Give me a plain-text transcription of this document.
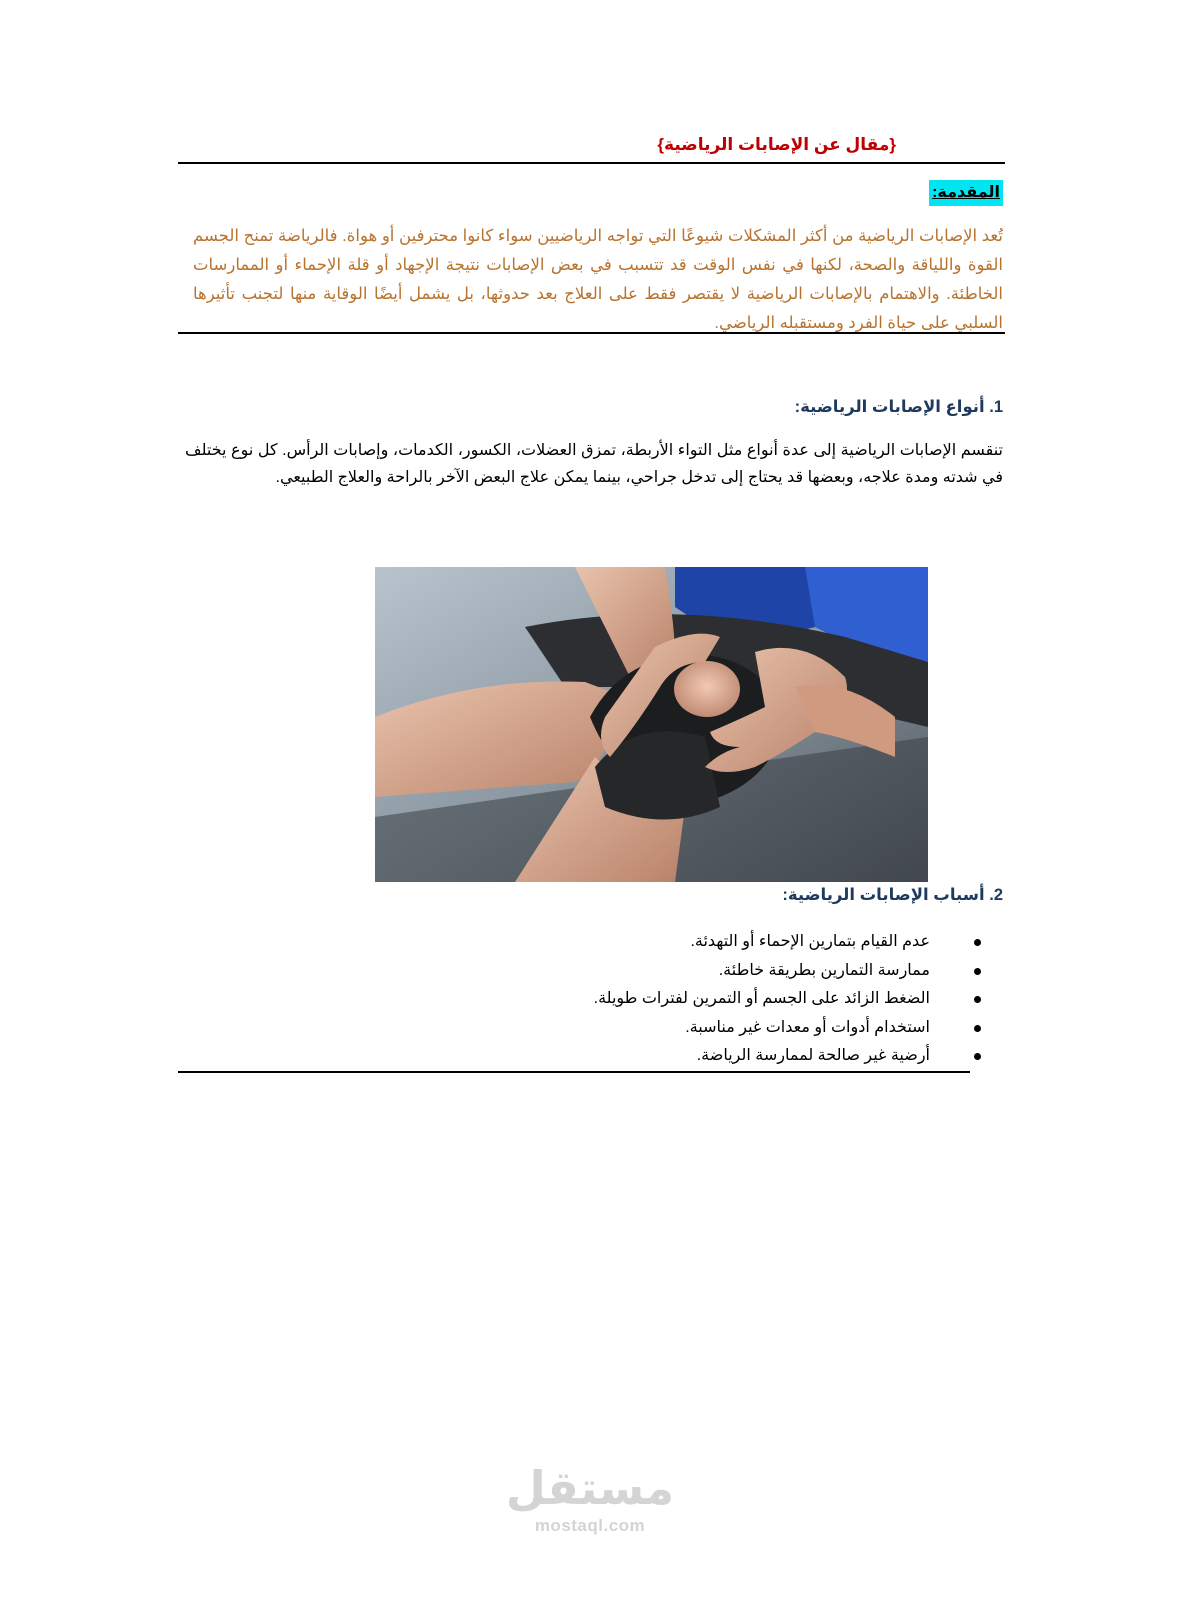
{مقال عن الإصابات الرياضية}
المقدمة:
تُعد الإصابات الرياضية من أكثر المشكلات شيوعًا التي تواجه الرياضيين سواء كانوا محترفين أو هواة. فالرياضة تمنح الجسم القوة واللياقة والصحة، لكنها في نفس الوقت قد تتسبب في بعض الإصابات نتيجة الإجهاد أو قلة الإحماء أو الممارسات الخاطئة. والاهتمام بالإصابات الرياضية لا يقتصر فقط على العلاج بعد حدوثها، بل يشمل أيضًا الوقاية منها لتجنب تأثيرها السلبي على حياة الفرد ومستقبله الرياضي.
1. أنواع الإصابات الرياضية:
تنقسم الإصابات الرياضية إلى عدة أنواع مثل التواء الأربطة، تمزق العضلات، الكسور، الكدمات، وإصابات الرأس. كل نوع يختلف في شدته ومدة علاجه، وبعضها قد يحتاج إلى تدخل جراحي، بينما يمكن علاج البعض الآخر بالراحة والعلاج الطبيعي.
2. أسباب الإصابات الرياضية:
عدم القيام بتمارين الإحماء أو التهدئة.
ممارسة التمارين بطريقة خاطئة.
الضغط الزائد على الجسم أو التمرين لفترات طويلة.
استخدام أدوات أو معدات غير مناسبة.
أرضية غير صالحة لممارسة الرياضة.
مستقل
mostaql.com
